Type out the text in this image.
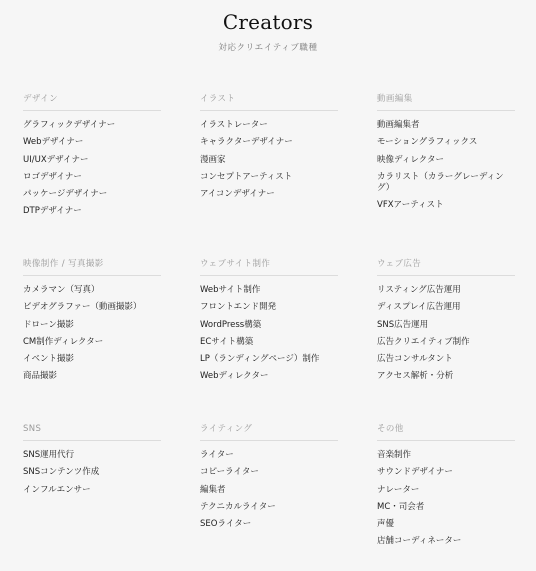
Creators
対応クリエイティブ職種
デザイン
グラフィックデザイナー
Webデザイナー
UI/UXデザイナー
ロゴデザイナー
パッケージデザイナー
DTPデザイナー
イラスト
イラストレーター
キャラクターデザイナー
漫画家
コンセプトアーティスト
アイコンデザイナー
動画編集
動画編集者
モーショングラフィックス
映像ディレクター
カラリスト（カラーグレーディング）
VFXアーティスト
映像制作 / 写真撮影
カメラマン（写真）
ビデオグラファー（動画撮影）
ドローン撮影
CM制作ディレクター
イベント撮影
商品撮影
ウェブサイト制作
Webサイト制作
フロントエンド開発
WordPress構築
ECサイト構築
LP（ランディングページ）制作
Webディレクター
ウェブ広告
リスティング広告運用
ディスプレイ広告運用
SNS広告運用
広告クリエイティブ制作
広告コンサルタント
アクセス解析・分析
SNS
SNS運用代行
SNSコンテンツ作成
インフルエンサー
ライティング
ライター
コピーライター
編集者
テクニカルライター
SEOライター
その他
音楽制作
サウンドデザイナー
ナレーター
MC・司会者
声優
店舗コーディネーター
